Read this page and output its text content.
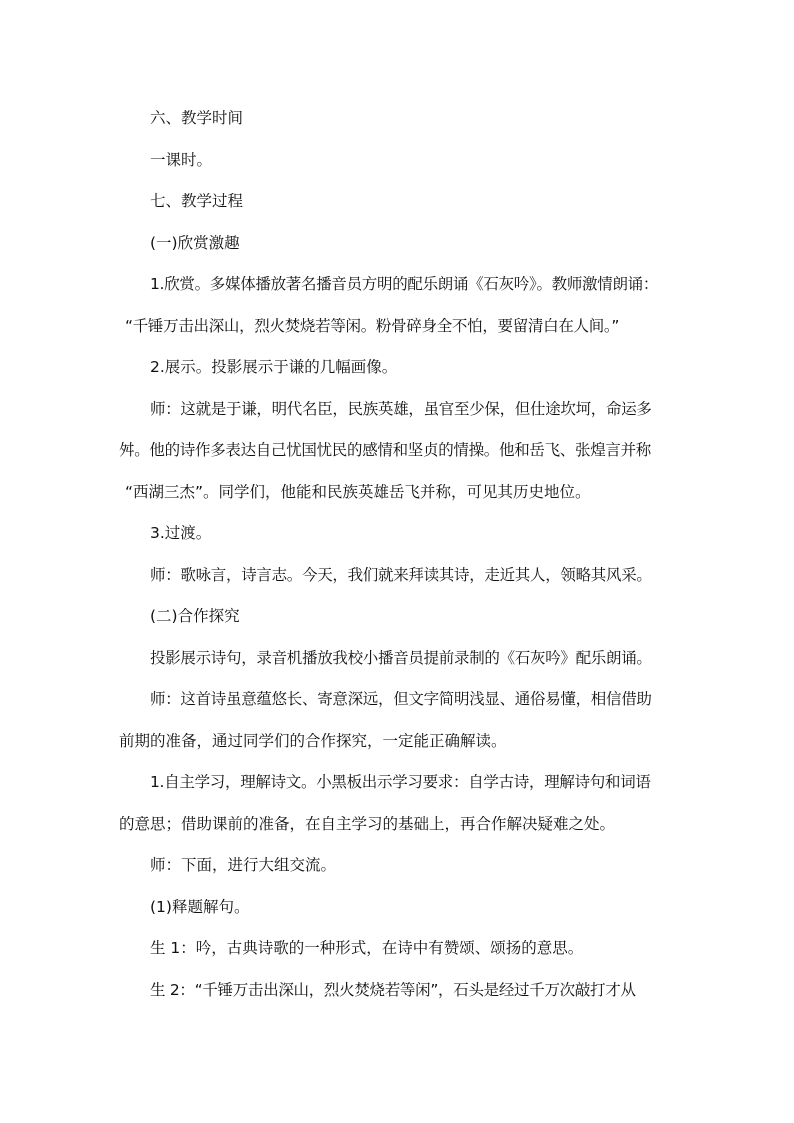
六、教学时间
一课时。
七、教学过程
(一)欣赏激趣
1.欣赏。多媒体播放著名播音员方明的配乐朗诵《石灰吟》。教师激情朗诵：
“千锤万击出深山，烈火焚烧若等闲。粉骨碎身全不怕，要留清白在人间。”
2.展示。投影展示于谦的几幅画像。
师：这就是于谦，明代名臣，民族英雄，虽官至少保，但仕途坎坷，命运多
舛。他的诗作多表达自己忧国忧民的感情和坚贞的情操。他和岳飞、张煌言并称
“西湖三杰”。同学们，他能和民族英雄岳飞并称，可见其历史地位。
3.过渡。
师：歌咏言，诗言志。今天，我们就来拜读其诗，走近其人，领略其风采。
(二)合作探究
投影展示诗句，录音机播放我校小播音员提前录制的《石灰吟》配乐朗诵。
师：这首诗虽意蕴悠长、寄意深远，但文字简明浅显、通俗易懂，相信借助
前期的准备，通过同学们的合作探究，一定能正确解读。
1.自主学习，理解诗文。小黑板出示学习要求：自学古诗，理解诗句和词语
的意思；借助课前的准备，在自主学习的基础上，再合作解决疑难之处。
师：下面，进行大组交流。
(1)释题解句。
生 1：吟，古典诗歌的一种形式，在诗中有赞颂、颂扬的意思。
生 2：“千锤万击出深山，烈火焚烧若等闲”，石头是经过千万次敲打才从
